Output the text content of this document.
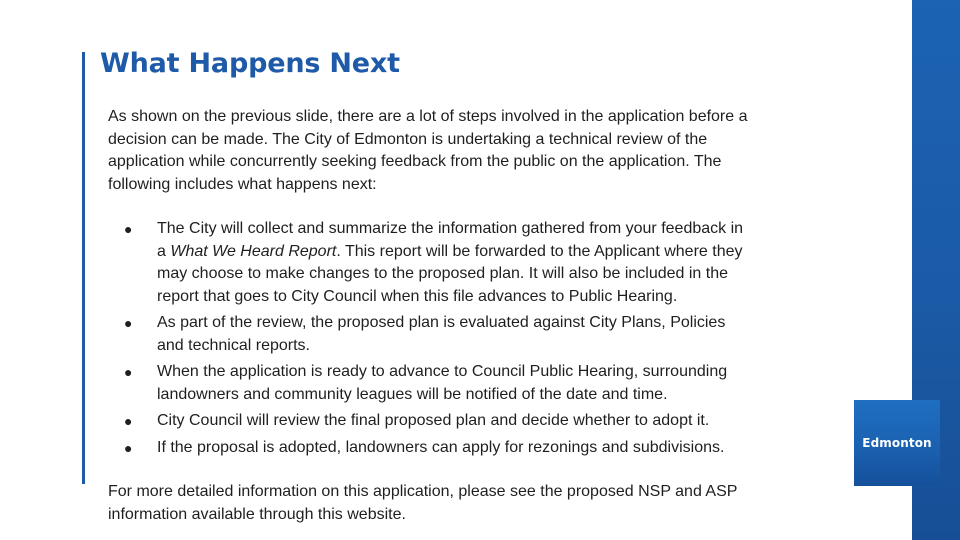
What Happens Next

As shown on the previous slide, there are a lot of steps involved in the application before a decision can be made. The City of Edmonton is undertaking a technical review of the application while concurrently seeking feedback from the public on the application. The following includes what happens next:

● The City will collect and summarize the information gathered from your feedback in a What We Heard Report. This report will be forwarded to the Applicant where they may choose to make changes to the proposed plan. It will also be included in the report that goes to City Council when this file advances to Public Hearing.
● As part of the review, the proposed plan is evaluated against City Plans, Policies and technical reports.
● When the application is ready to advance to Council Public Hearing, surrounding landowners and community leagues will be notified of the date and time.
● City Council will review the final proposed plan and decide whether to adopt it.
● If the proposal is adopted, landowners can apply for rezonings and subdivisions.

For more detailed information on this application, please see the proposed NSP and ASP information available through this website.

Edmonton
